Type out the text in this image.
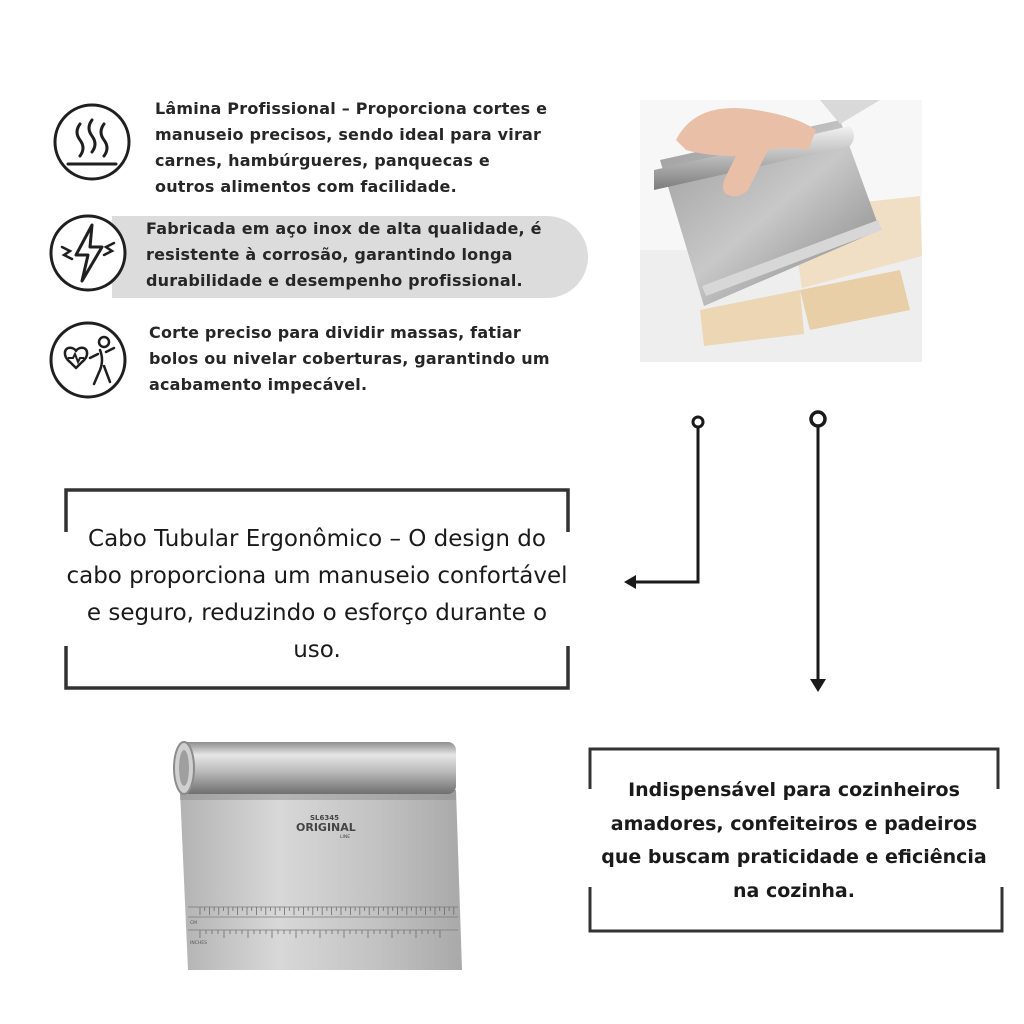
Lâmina Profissional – Proporciona cortes e manuseio precisos, sendo ideal para virar carnes, hambúrgueres, panquecas e outros alimentos com facilidade.

Fabricada em aço inox de alta qualidade, é resistente à corrosão, garantindo longa durabilidade e desempenho profissional.

Corte preciso para dividir massas, fatiar bolos ou nivelar coberturas, garantindo um acabamento impecável.

Cabo Tubular Ergonômico – O design do cabo proporciona um manuseio confortável e seguro, reduzindo o esforço durante o uso.

Indispensável para cozinheiros amadores, confeiteiros e padeiros que buscam praticidade e eficiência na cozinha.

SL6345
ORIGINAL
LINE
CM
INCHES
